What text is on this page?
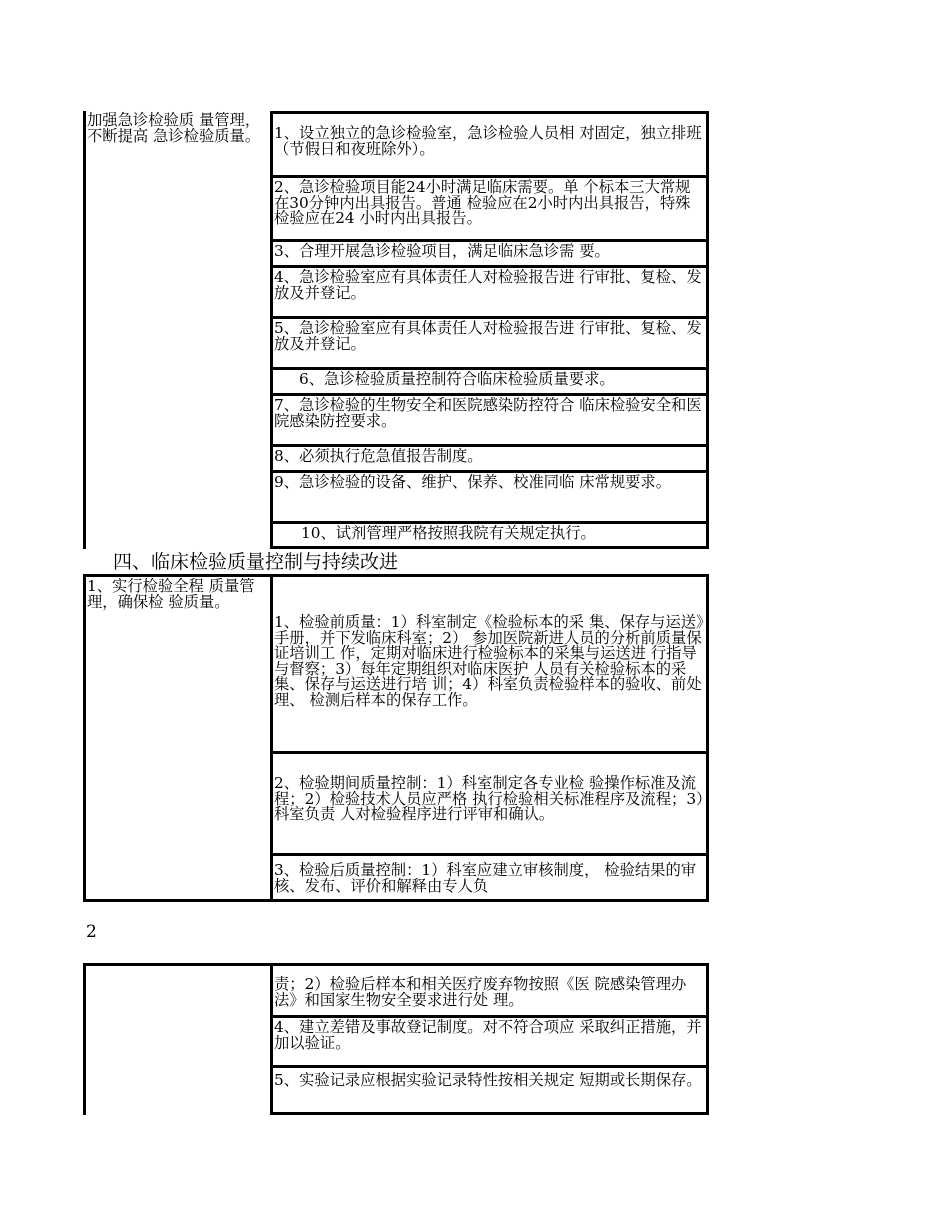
加强急诊检验质 量管理，不断提高 急诊检验质量。 1、设立独立的急诊检验室，急诊检验人员相 对固定，独立排班（节假日和夜班除外）。
2、急诊检验项目能24小时满足临床需要。单 个标本三大常规在30分钟内出具报告。普通 检验应在2小时内出具报告，特殊检验应在24 小时内出具报告。
3、合理开展急诊检验项目，满足临床急诊需 要。
4、急诊检验室应有具体责任人对检验报告进 行审批、复检、发放及并登记。
5、急诊检验室应有具体责任人对检验报告进 行审批、复检、发放及并登记。
6、急诊检验质量控制符合临床检验质量要求。
7、急诊检验的生物安全和医院感染防控符合 临床检验安全和医院感染防控要求。
8、必须执行危急值报告制度。
9、急诊检验的设备、维护、保养、校准同临 床常规要求。
10、试剂管理严格按照我院有关规定执行。
四、临床检验质量控制与持续改进
1、实行检验全程 质量管理，确保检 验质量。
1、检验前质量：1）科室制定《检验标本的采 集、保存与运送》手册，并下发临床科室；2） 参加医院新进人员的分析前质量保证培训工 作，定期对临床进行检验标本的采集与运送进 行指导与督察；3）每年定期组织对临床医护 人员有关检验标本的采集、保存与运送进行培 训；4）科室负责检验样本的验收、前处理、 检测后样本的保存工作。
2、检验期间质量控制：1）科室制定各专业检 验操作标准及流程；2）检验技术人员应严格 执行检验相关标准程序及流程；3）科室负责 人对检验程序进行评审和确认。
3、检验后质量控制：1）科室应建立审核制度， 检验结果的审核、发布、评价和解释由专人负
2
责；2）检验后样本和相关医疗废弃物按照《医 院感染管理办法》和国家生物安全要求进行处 理。
4、建立差错及事故登记制度。对不符合项应 采取纠正措施，并加以验证。
5、实验记录应根据实验记录特性按相关规定 短期或长期保存。
